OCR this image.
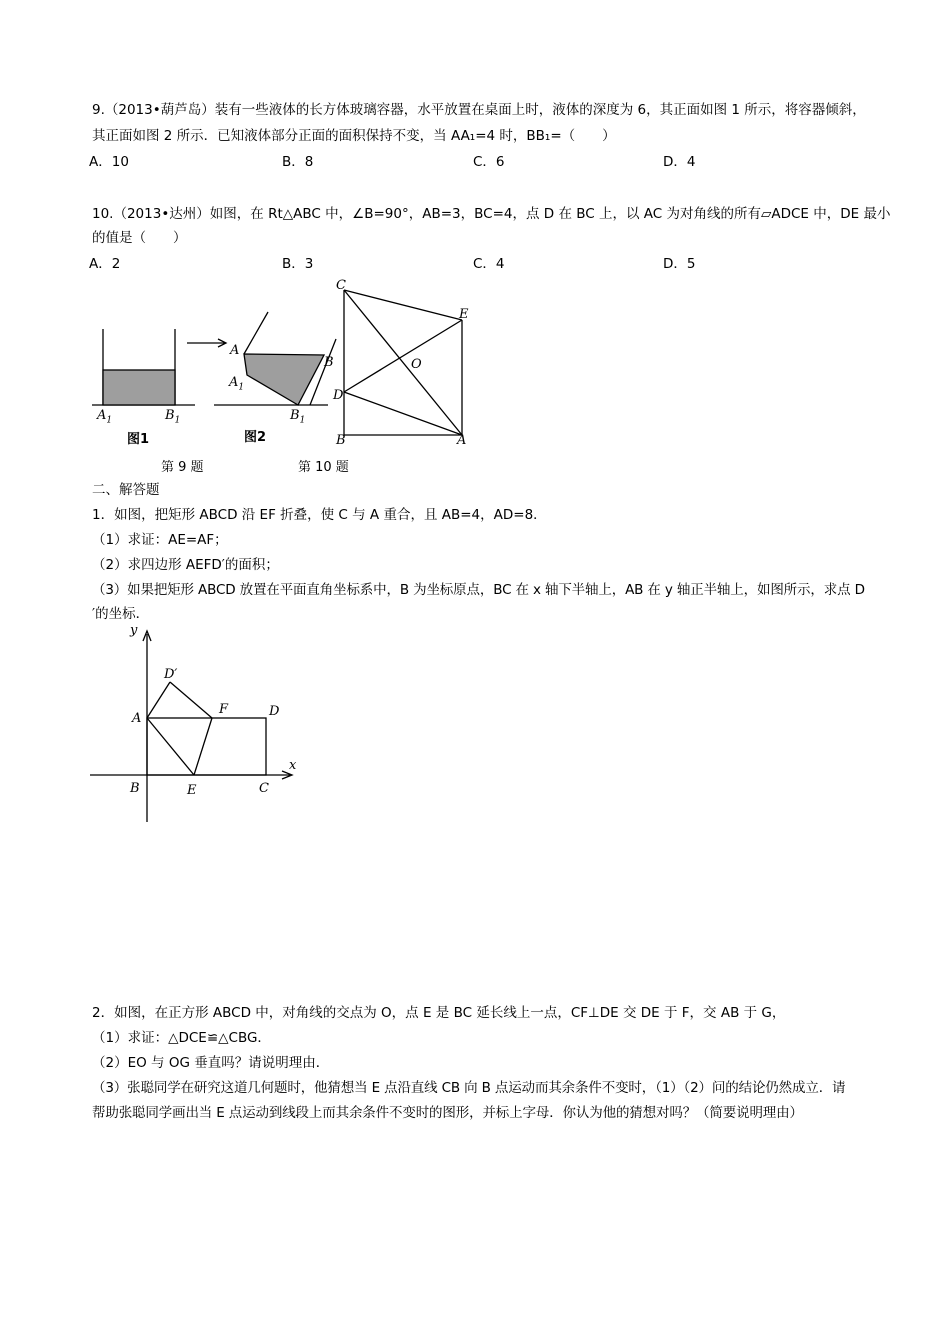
9.（2013•葫芦岛）装有一些液体的长方体玻璃容器，水平放置在桌面上时，液体的深度为 6，其正面如图 1 所示，将容器倾斜，
其正面如图 2 所示．已知液体部分正面的面积保持不变，当 AA₁=4 时，BB₁=（　　）
A．10	B．8	C．6	D．4
10.（2013•达州）如图，在 Rt△ABC 中，∠B=90°，AB=3，BC=4，点 D 在 BC 上，以 AC 为对角线的所有▱ADCE 中，DE 最小
的值是（　　）
A．2	B．3	C．4	D．5
$A_1$	$B_1$
图1
A
$A_1$
B
$B_1$
图2
C
E
O
D
B	A
第 9 题	第 10 题
二、解答题
1．如图，把矩形 ABCD 沿 EF 折叠，使 C 与 A 重合，且 AB=4，AD=8．
（1）求证：AE=AF；
（2）求四边形 AEFD′的面积；
（3）如果把矩形 ABCD 放置在平面直角坐标系中，B 为坐标原点，BC 在 x 轴下半轴上，AB 在 y 轴正半轴上，如图所示，求点 D
′的坐标．
y
x
D′
A
F	D
B	E	C
2．如图，在正方形 ABCD 中，对角线的交点为 O，点 E 是 BC 延长线上一点，CF⊥DE 交 DE 于 F，交 AB 于 G，
（1）求证：△DCE≌△CBG．
（2）EO 与 OG 垂直吗？请说明理由．
（3）张聪同学在研究这道几何题时，他猜想当 E 点沿直线 CB 向 B 点运动而其余条件不变时，（1）（2）问的结论仍然成立．请
帮助张聪同学画出当 E 点运动到线段上而其余条件不变时的图形，并标上字母．你认为他的猜想对吗？（简要说明理由）
